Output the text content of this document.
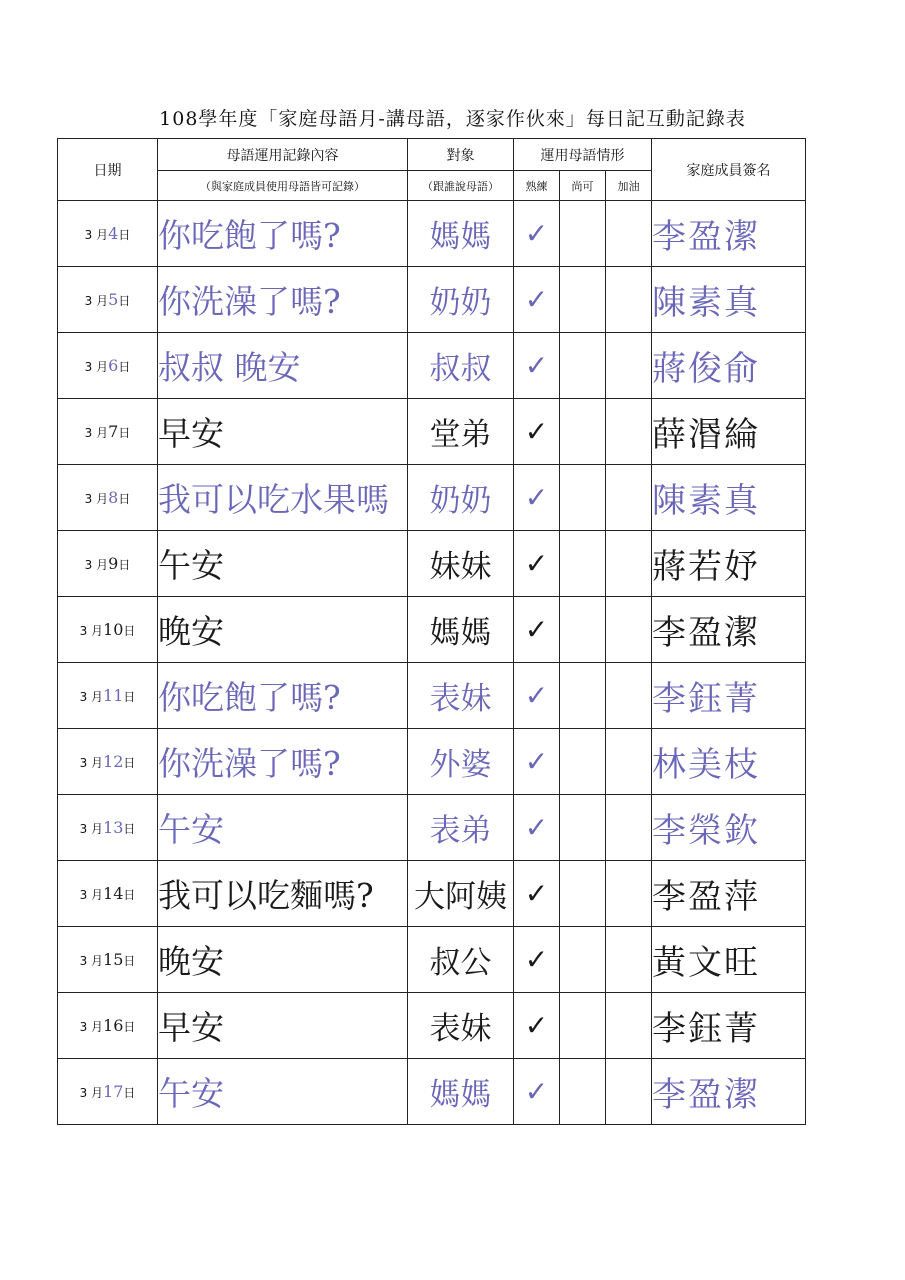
108學年度「家庭母語月-講母語，逐家作伙來」每日記互動記錄表
日期	母語運用記錄內容	對象	運用母語情形			家庭成員簽名
	（與家庭成員使用母語皆可記錄）	（跟誰說母語）	熟練	尚可	加油	
3 月4日	你吃飽了嗎?	媽媽	✓			李盈潔
3 月5日	你洗澡了嗎?	奶奶	✓			陳素真
3 月6日	叔叔 晚安	叔叔	✓			蔣俊俞
3 月7日	早安	堂弟	✓			薛湣綸
3 月8日	我可以吃水果嗎	奶奶	✓			陳素真
3 月9日	午安	妹妹	✓			蔣若妤
3 月10日	晚安	媽媽	✓			李盈潔
3 月11日	你吃飽了嗎?	表妹	✓			李鈺菁
3 月12日	你洗澡了嗎?	外婆	✓			林美枝
3 月13日	午安	表弟	✓			李榮欽
3 月14日	我可以吃麵嗎?	大阿姨	✓			李盈萍
3 月15日	晚安	叔公	✓			黃文旺
3 月16日	早安	表妹	✓			李鈺菁
3 月17日	午安	媽媽	✓			李盈潔
